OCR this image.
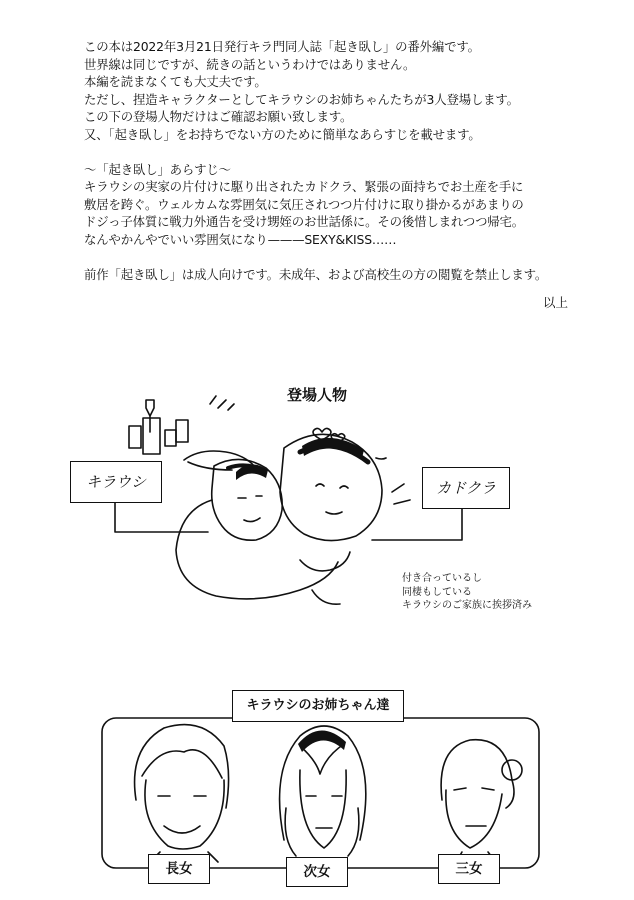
この本は2022年3月21日発行キラ門同人誌「起き臥し」の番外編です。
世界線は同じですが、続きの話というわけではありません。
本編を読まなくても大丈夫です。
ただし、捏造キャラクターとしてキラウシのお姉ちゃんたちが3人登場します。
この下の登場人物だけはご確認お願い致します。
又、「起き臥し」をお持ちでない方のために簡単なあらすじを載せます。
〜「起き臥し」あらすじ〜
キラウシの実家の片付けに駆り出されたカドクラ、緊張の面持ちでお土産を手に
敷居を跨ぐ。ウェルカムな雰囲気に気圧されつつ片付けに取り掛かるがあまりの
ドジっ子体質に戦力外通告を受け甥姪のお世話係に。その後惜しまれつつ帰宅。
なんやかんやでいい雰囲気になり———SEXY&KISS……
前作「起き臥し」は成人向けです。未成年、および高校生の方の閲覧を禁止します。
以上
登場人物
キラウシ	カドクラ
付き合っているし
同棲もしている
キラウシのご家族に挨拶済み
キラウシのお姉ちゃん達
長女	次女	三女
